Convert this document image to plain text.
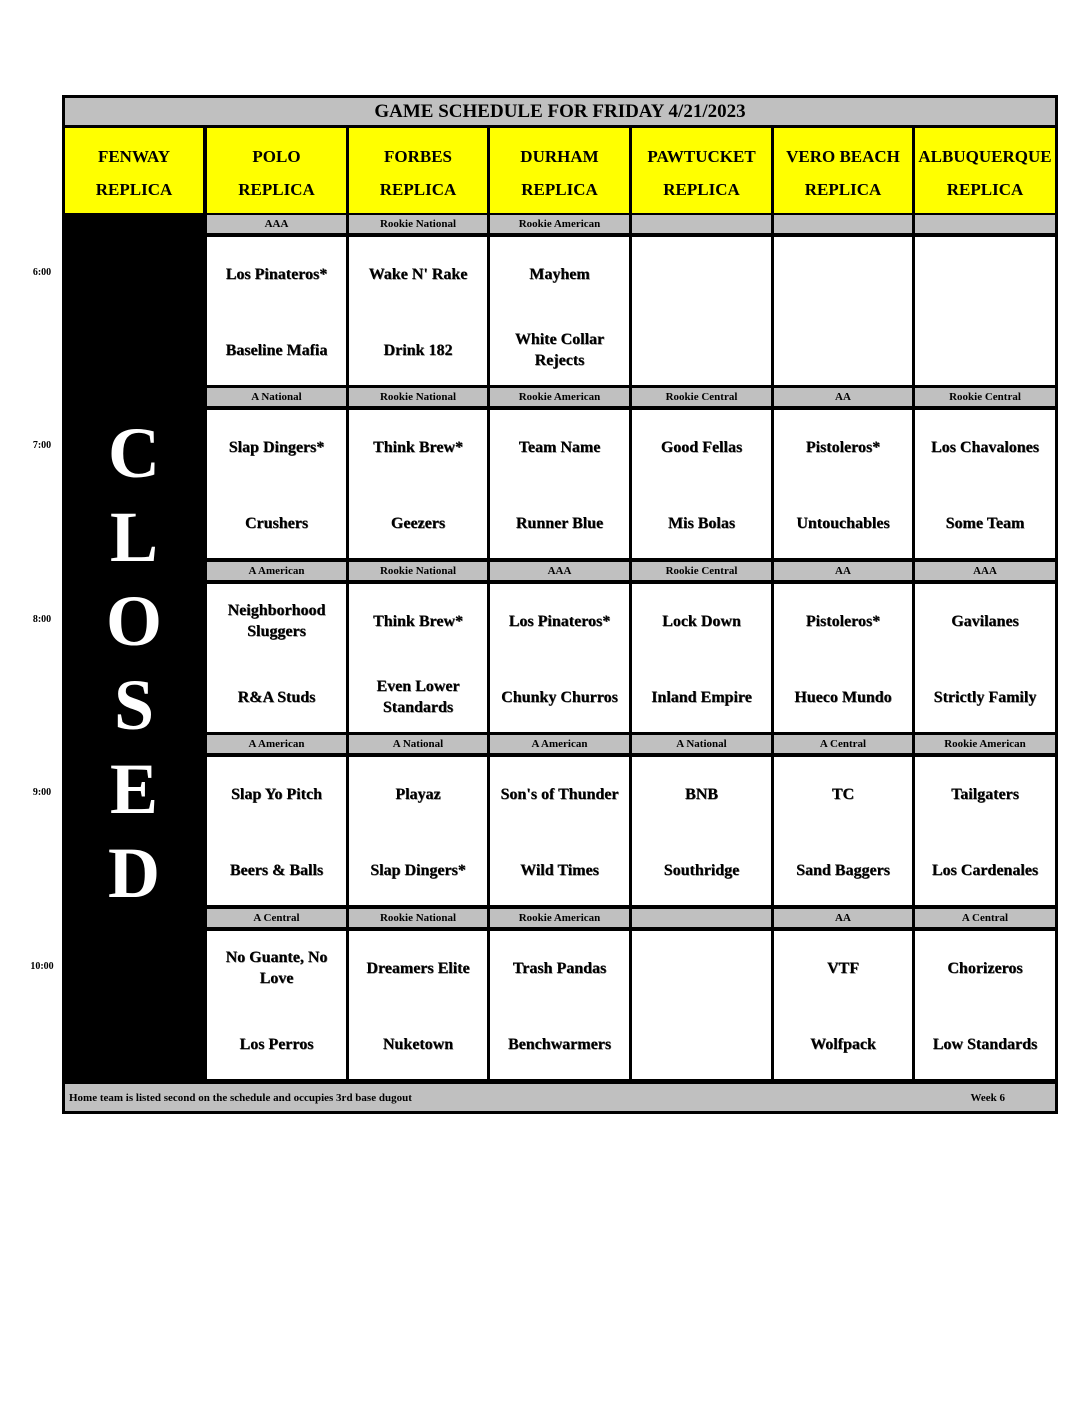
GAME SCHEDULE FOR FRIDAY 4/21/2023
Home team is listed second on the schedule and occupies 3rd base dugout	Week 6
FENWAY
REPLICA
POLO
REPLICA
FORBES
REPLICA
DURHAM
REPLICA
PAWTUCKET
REPLICA
VERO BEACH
REPLICA
ALBUQUERQUE
REPLICA
C
L
O
S
E
D
AAA
Los Pinateros*
Baseline Mafia
Rookie National
Wake N' Rake
Drink 182
Rookie American
Mayhem
White Collar Rejects
A National
Slap Dingers*
Crushers
Rookie National
Think Brew*
Geezers
Rookie American
Team Name
Runner Blue
Rookie Central
Good Fellas
Mis Bolas
AA
Pistoleros*
Untouchables
Rookie Central
Los Chavalones
Some Team
A American
Neighborhood Sluggers
R&A Studs
Rookie National
Think Brew*
Even Lower Standards
AAA
Los Pinateros*
Chunky Churros
Rookie Central
Lock Down
Inland Empire
AA
Pistoleros*
Hueco Mundo
AAA
Gavilanes
Strictly Family
A American
Slap Yo Pitch
Beers & Balls
A National
Playaz
Slap Dingers*
A American
Son's of Thunder
Wild Times
A National
BNB
Southridge
A Central
TC
Sand Baggers
Rookie American
Tailgaters
Los Cardenales
A Central
No Guante, No Love
Los Perros
Rookie National
Dreamers Elite
Nuketown
Rookie American
Trash Pandas
Benchwarmers
AA
VTF
Wolfpack
A Central
Chorizeros
Low Standards
6:00
7:00
8:00
9:00
10:00
